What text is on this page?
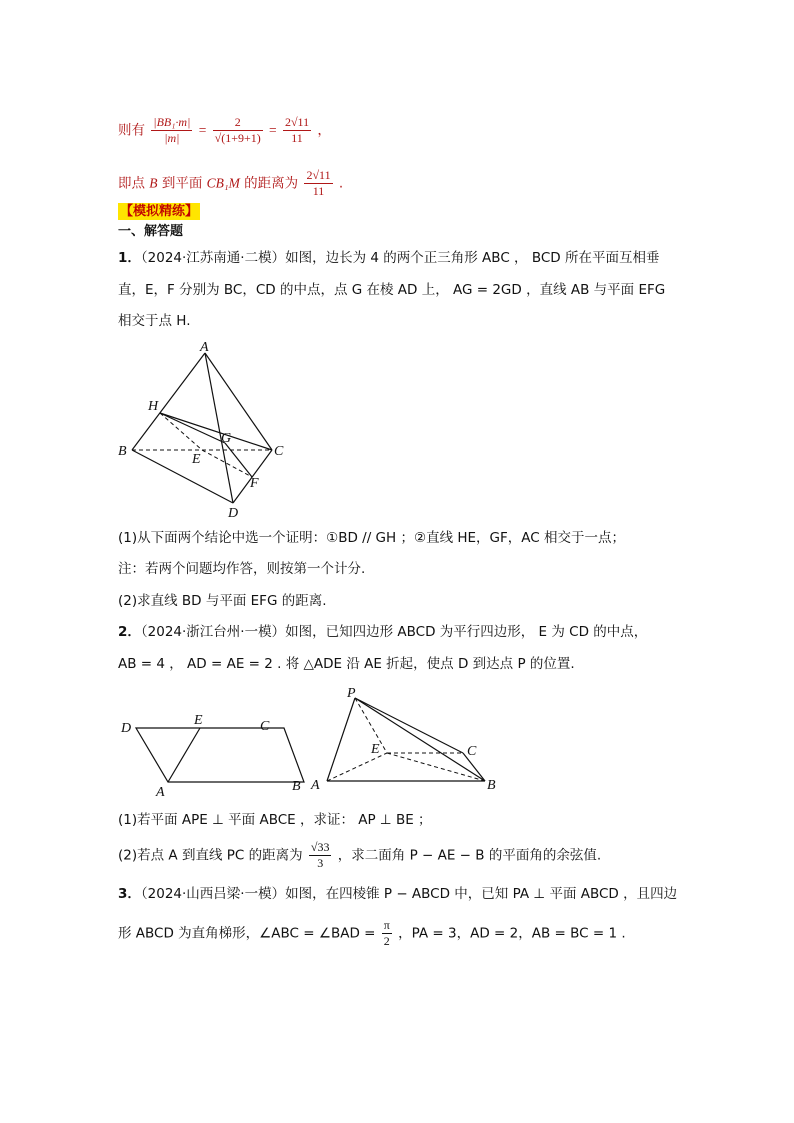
则有 $\frac{\text{|BB₁·m|}}{|m|} = \frac{2}{√(1+9+1)} = \frac{2√11}{11}$ ，
即点 B 到平面 CB₁M 的距离为 $\frac{2√11}{11}$ .
【模拟精练】
一、解答题
1．（2024·江苏南通·二模）如图，边长为 4 的两个正三角形 ABC ， BCD 所在平面互相垂
直，E，F 分别为 BC，CD 的中点，点 G 在棱 AD 上， AG = 2GD ，直线 AB 与平面 EFG
相交于点 H.
A
H
G
B
E
C
F
D
(1)从下面两个结论中选一个证明：①BD // GH ；②直线 HE，GF，AC 相交于一点；
注：若两个问题均作答，则按第一个计分.
(2)求直线 BD 与平面 EFG 的距离.
2．（2024·浙江台州·一模）如图，已知四边形 ABCD 为平行四边形， E 为 CD 的中点，
AB = 4 ， AD = AE = 2 . 将 △ADE 沿 AE 折起，使点 D 到达点 P 的位置.
D
E	C
A	B
P
E	C
A	B
(1)若平面 APE ⊥ 平面 ABCE ，求证： AP ⊥ BE ；
(2)若点 A 到直线 PC 的距离为 $\frac{√33}{3}$ ，求二面角 P − AE − B 的平面角的余弦值.
3．（2024·山西吕梁·一模）如图，在四棱锥 P − ABCD 中，已知 PA ⊥ 平面 ABCD ，且四边
形 ABCD 为直角梯形，∠ABC = ∠BAD = $\frac{\pi}{2}$ ，PA = 3，AD = 2，AB = BC = 1 .
